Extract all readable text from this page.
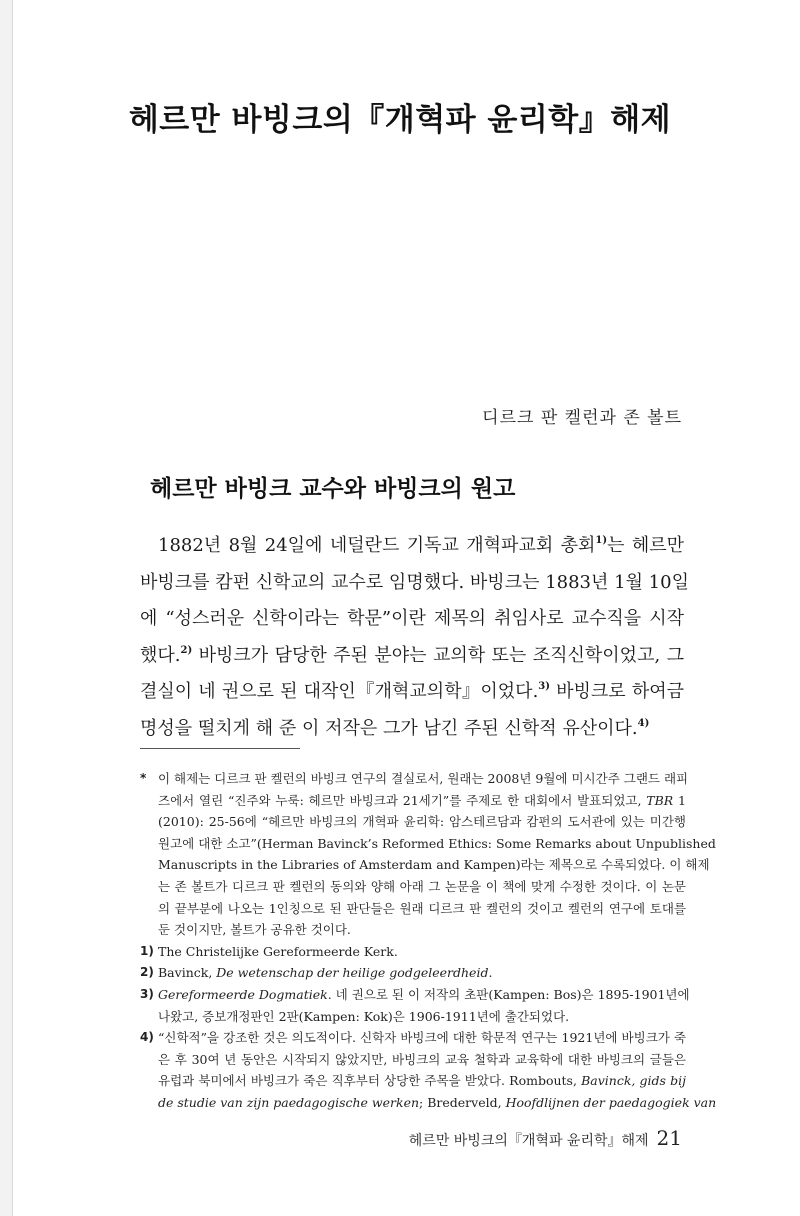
헤르만 바빙크의『개혁파 윤리학』해제
디르크 판 켈런과 존 볼트
헤르만 바빙크 교수와 바빙크의 원고
1882년 8월 24일에 네덜란드 기독교 개혁파교회 총회$^{1)}$는 헤르만
바빙크를 캄펀 신학교의 교수로 임명했다. 바빙크는 1883년 1월 10일
에 “성스러운 신학이라는 학문”이란 제목의 취임사로 교수직을 시작
했다.$^{2)}$ 바빙크가 담당한 주된 분야는 교의학 또는 조직신학이었고, 그
결실이 네 권으로 된 대작인『개혁교의학』이었다.$^{3)}$ 바빙크로 하여금
명성을 떨치게 해 준 이 저작은 그가 남긴 주된 신학적 유산이다.$^{4)}$
* 이 해제는 디르크 판 켈런의 바빙크 연구의 결실로서, 원래는 2008년 9월에 미시간주 그랜드 래피
즈에서 열린 “진주와 누룩: 헤르만 바빙크과 21세기”를 주제로 한 대회에서 발표되었고, TBR 1
(2010): 25-56에 “헤르만 바빙크의 개혁파 윤리학: 암스테르담과 캄펀의 도서관에 있는 미간행
원고에 대한 소고”(Herman Bavinck’s Reformed Ethics: Some Remarks about Unpublished
Manuscripts in the Libraries of Amsterdam and Kampen)라는 제목으로 수록되었다. 이 해제
는 존 볼트가 디르크 판 켈런의 동의와 양해 아래 그 논문을 이 책에 맞게 수정한 것이다. 이 논문
의 끝부분에 나오는 1인칭으로 된 판단들은 원래 디르크 판 켈런의 것이고 켈런의 연구에 토대를
둔 것이지만, 볼트가 공유한 것이다.
1) The Christelijke Gereformeerde Kerk.
2) Bavinck, De wetenschap der heilige godgeleerdheid.
3) Gereformeerde Dogmatiek. 네 권으로 된 이 저작의 초판(Kampen: Bos)은 1895-1901년에
나왔고, 증보개정판인 2판(Kampen: Kok)은 1906-1911년에 출간되었다.
4) “신학적”을 강조한 것은 의도적이다. 신학자 바빙크에 대한 학문적 연구는 1921년에 바빙크가 죽
은 후 30여 년 동안은 시작되지 않았지만, 바빙크의 교육 철학과 교육학에 대한 바빙크의 글들은
유럽과 북미에서 바빙크가 죽은 직후부터 상당한 주목을 받았다. Rombouts, Bavinck, gids bij
de studie van zijn paedagogische werken; Brederveld, Hoofdlijnen der paedagogiek van
헤르만 바빙크의『개혁파 윤리학』해제 21
